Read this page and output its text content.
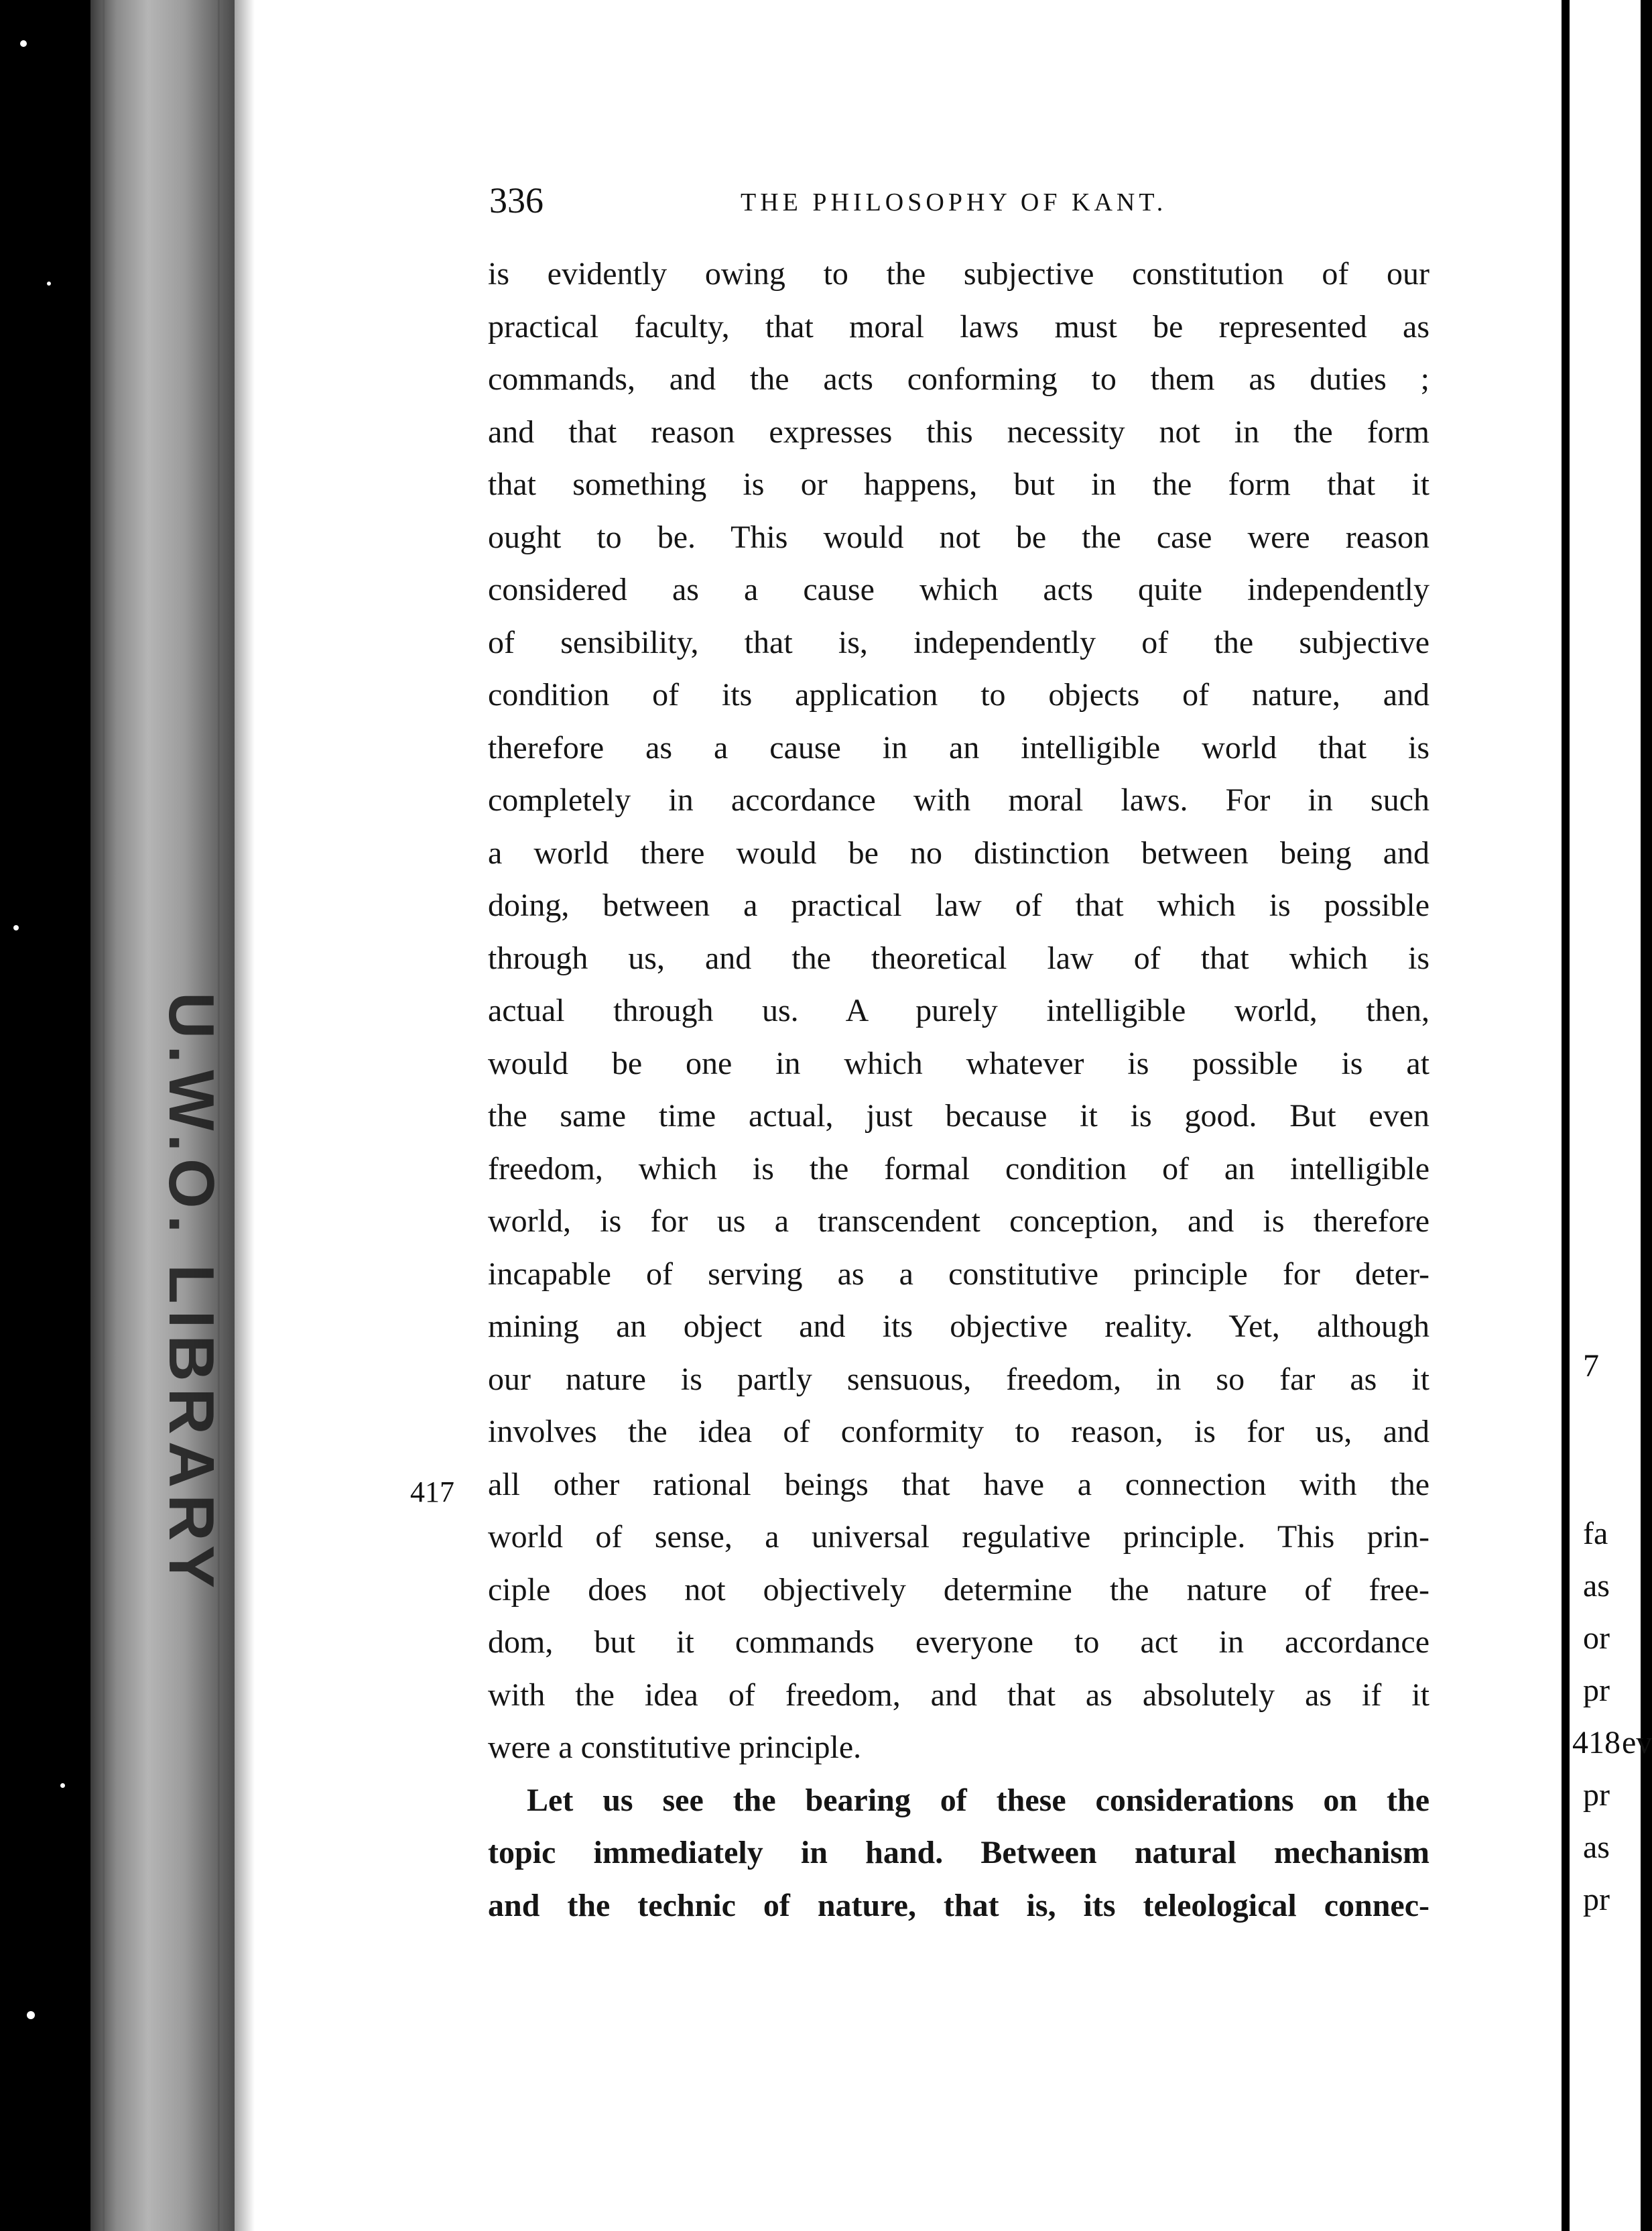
U.W.O. LIBRARY
336	THE PHILOSOPHY OF KANT.
417
is evidently owing to the subjective constitution of our
practical faculty, that moral laws must be represented as
commands, and the acts conforming to them as duties ;
and that reason expresses this necessity not in the form
that something is or happens, but in the form that it
ought to be. This would not be the case were reason
considered as a cause which acts quite independently
of sensibility, that is, independently of the subjective
condition of its application to objects of nature, and
therefore as a cause in an intelligible world that is
completely in accordance with moral laws. For in such
a world there would be no distinction between being and
doing, between a practical law of that which is possible
through us, and the theoretical law of that which is
actual through us. A purely intelligible world, then,
would be one in which whatever is possible is at
the same time actual, just because it is good. But even
freedom, which is the formal condition of an intelligible
world, is for us a transcendent conception, and is therefore
incapable of serving as a constitutive principle for deter-
mining an object and its objective reality. Yet, although
our nature is partly sensuous, freedom, in so far as it
involves the idea of conformity to reason, is for us, and
all other rational beings that have a connection with the
world of sense, a universal regulative principle. This prin-
ciple does not objectively determine the nature of free-
dom, but it commands everyone to act in accordance
with the idea of freedom, and that as absolutely as if it
were a constitutive principle.
Let us see the bearing of these considerations on the
topic immediately in hand. Between natural mechanism
and the technic of nature, that is, its teleological connec-
7
fa
as
or
pr
418 ev
pr
as
pr
